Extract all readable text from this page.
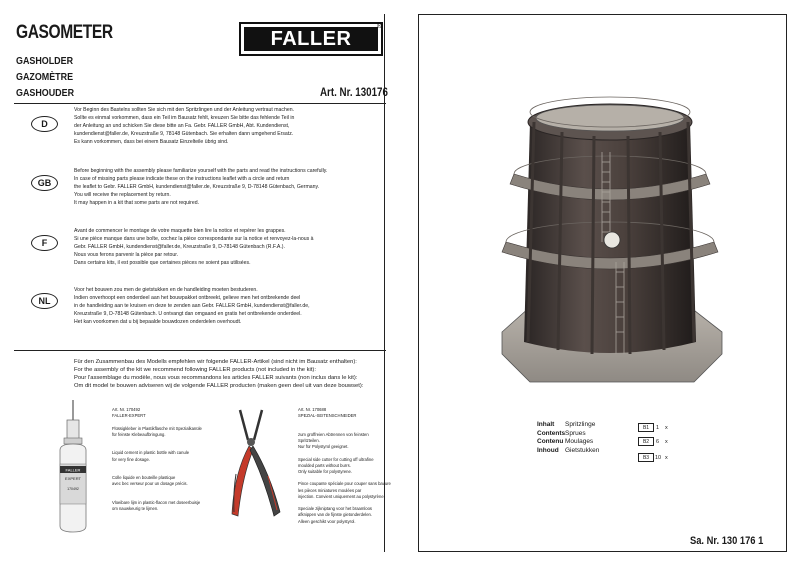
GASOMETER
GASHOLDER
GAZOMÈTRE
GASHOUDER
FALLER
®
Art. Nr. 130176
D
Vor Beginn des Bastelns sollten Sie sich mit den Spritzlingen und der Anleitung vertraut machen.
Sollte es einmal vorkommen, dass ein Teil im Bausatz fehlt, kreuzen Sie bitte das fehlende Teil in
der Anleitung an und schicken Sie diese bitte an Fa. Gebr. FALLER GmbH, Abt. Kundendienst,
kundendienst@faller.de, Kreuzstraße 9, 78148 Gütenbach. Sie erhalten dann umgehend Ersatz.
Es kann vorkommen, dass bei einem Bausatz Einzelteile übrig sind.
GB
Before beginning with the assembly please familiarize yourself with the parts and read the instructions carefully.
In case of missing parts please indicate these on the instructions leaflet with a circle and return
the leaflet to Gebr. FALLER GmbH, kundendienst@faller.de, Kreuzstraße 9, D-78148 Gütenbach, Germany.
You will receive the replacement by return.
It may happen in a kit that some parts are not required.
F
Avant de commencer le montage de votre maquette bien lire la notice et repérer les grappes.
Si une pièce manque dans une boîte, cochez la pièce correspondante sur la notice et renvoyez-la-nous à
Gebr. FALLER GmbH, kundendienst@faller.de, Kreuzstraße 9, D-78148 Gütenbach (R.F.A.).
Nous vous ferons parvenir la pièce par retour.
Dans certains kits, il est possible que certaines pièces ne soient pas utilisées.
NL
Voor het bouwen zou men de gietstukken en de handleiding moeten bestuderen.
Indien onverhoopt een onderdeel aan het bouwpakket ontbreekt, gelieve men het ontbrekende deel
in de handleiding aan te kruisen en deze te zenden aan Gebr. FALLER GmbH, kundendienst@faller.de,
Kreuzstraße 9, D-78148 Gütenbach. U ontvangt dan omgaand en gratis het ontbrekende onderdeel.
Het kan voorkomen dat u bij bepaalde bouwdozen onderdelen overhoudt.
Für den Zusammenbau des Modells empfehlen wir folgende FALLER-Artikel (sind nicht im Bausatz enthalten):
For the assembly of the kit we recommend following FALLER products (not included in the kit):
Pour l'assemblage du modèle, nous vous recommandons les articles FALLER suivants (non inclus dans le kit):
Om dit model te bouwen adviseren wij de volgende FALLER producten (maken geen deel uit van deze bouwset):
FALLER
EXPERT
170492
Art. Nr. 170492
FALLER-EXPERT

Flüssigkleber in Plastikflasche mit Spezialkanüle
für feinste Klebeaufbringung.

Liquid cement in plastic bottle with canule
for very fine dosage.

Colle liquide en bouteille plastique
avec bec verseur pour un dosage précis.

Vloeibare lijm in plastic-flacon met doseerbuisje
om nauwkeurig te lijmen.
Art. Nr. 170688
SPEZIAL-SEITENSCHNEIDER

zum groffreien Abtrennen von feinsten
Spritzteilen.
Nur für Polystyrol geeignet.

Special side cutter for cutting off ultrafine
moulded parts without burrs.
Only suitable for polystyrene.

Pince coupante spéciale pour couper sans bavure
les pièces miniatures moulées par
injection. Convient uniquement au polystyrène.

Speciale zijkniptang voor het braamloos
afknippen van de fijnste gietonderdelen.
Alleen geschikt voor polystyrol.
Inhalt	Spritzlinge
Contents Sprues
Contenu Moulages
Inhoud Gietstukken
B1	1 x
B2	6 x
B3	10 x
Sa. Nr. 130 176 1
